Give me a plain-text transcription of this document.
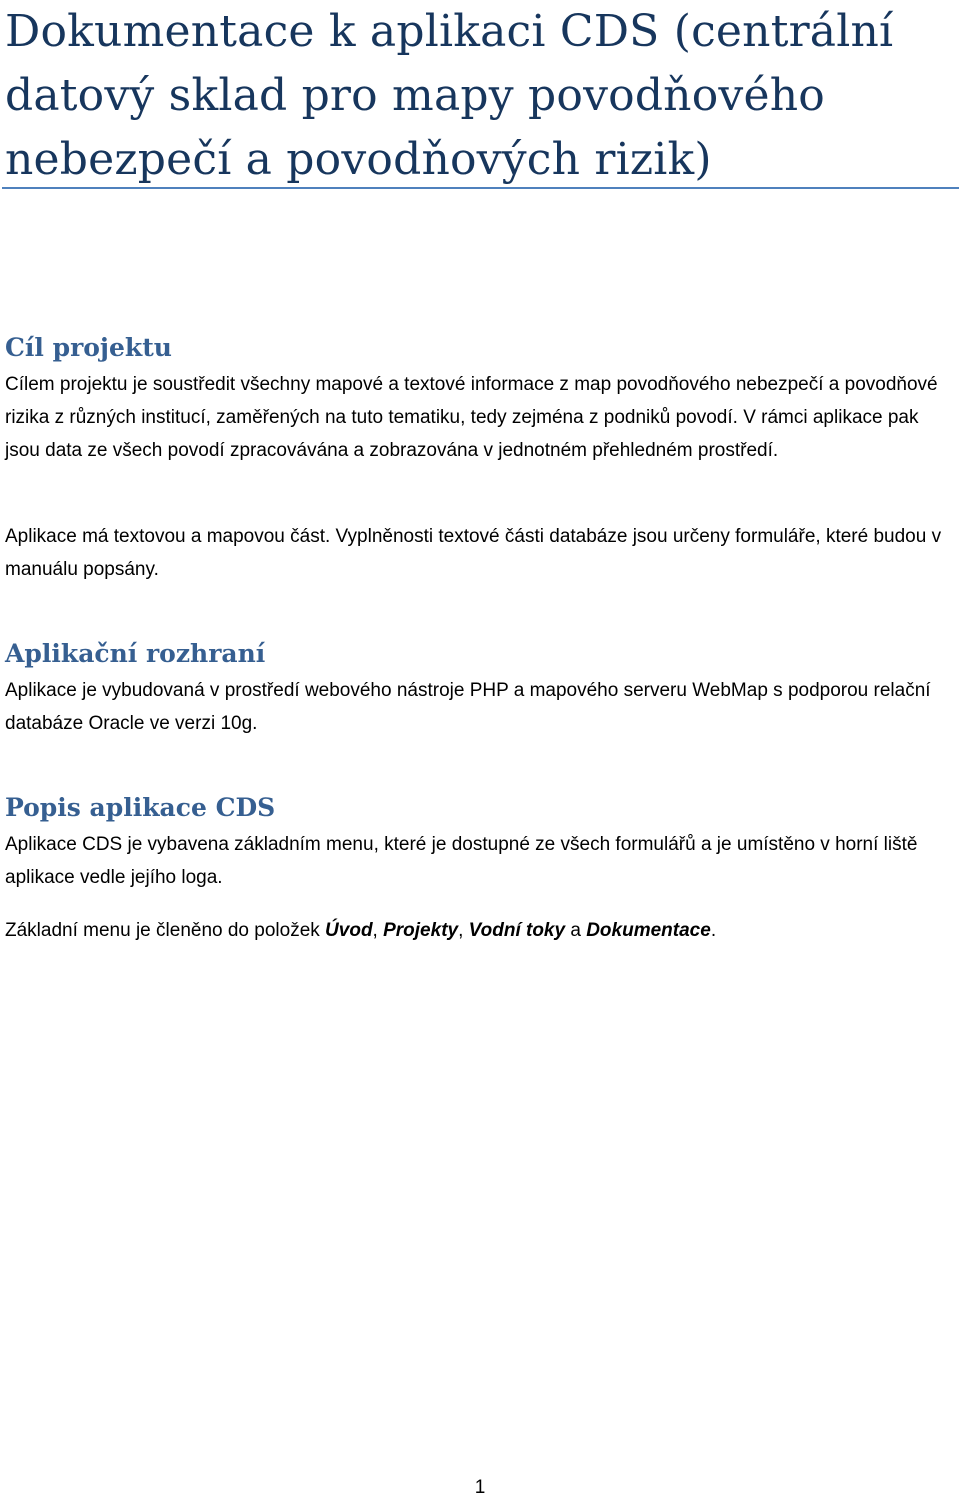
Dokumentace k aplikaci CDS (centrální datový sklad pro mapy povodňového nebezpečí a povodňových rizik)
Cíl projektu

Cílem projektu je soustředit všechny mapové a textové informace z map povodňového nebezpečí a povodňové rizika z různých institucí, zaměřených na tuto tematiku, tedy zejména z podniků povodí. V rámci aplikace pak jsou data ze všech povodí zpracovávána a zobrazována v jednotném přehledném prostředí.

Aplikace má textovou a mapovou část. Vyplněnosti textové části databáze jsou určeny formuláře, které budou v manuálu popsány.

Aplikační rozhraní

Aplikace je vybudovaná v prostředí webového nástroje PHP a mapového serveru WebMap s podporou relační databáze Oracle ve verzi 10g.

Popis aplikace CDS

Aplikace CDS je vybavena základním menu, které je dostupné ze všech formulářů a je umístěno v horní liště aplikace vedle jejího loga.

Základní menu je členěno do položek Úvod, Projekty, Vodní toky a Dokumentace.

1
